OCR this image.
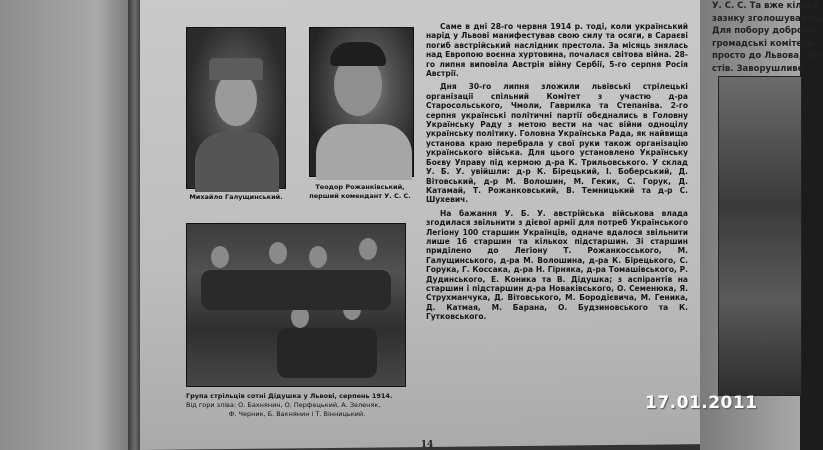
Михайло Галущинський.
Теодор Рожанківський,
перший комендант У. С. С.
Група стрільців сотні Дідушка у Львові, серпень 1914.
Від гори зліва: О. Бахнянин, О. Перфецький, А. Зеленяк,
Ф. Черник, Б. Вакнянин і Т. Вінницький.

Саме в дні 28-го червня 1914 р. тоді, коли український нарід у Львові манифестував свою силу та осяги, в Сараєві погиб австрійський наслідник престола. За місяць знялась над Европою воєнна хуртовина, почалася світова війна. 28-го липня виповіла Австрія війну Сербії, 5-го серпня Росія Австрії.

Дня 30-го липня зложили львівські стрілецькі організації спільний Комітет з участю д-ра Старосольського, Чмоли, Гаврилка та Степаніва. 2-го серпня українські політичні партії обєднались в Головну Українську Раду з метою вести на час війни одноцілу українську політику. Головна Українська Рада, як найвища установа краю перебрала у свої руки також організацію українського війська. Для цього установлено Українську Боєву Управу під кермою д-ра К. Трильовського. У склад У. Б. У. увійшли: д-р К. Бірецький, І. Боберський, Д. Вітовський, д-р М. Волошин, М. Гекик, С. Горук, Д. Катамай, Т. Рожанковський, В. Темницький та д-р С. Шухевич.

На бажання У. Б. У. австрійська військова влада згодилася звільнити з дієвої армії для потреб Українського Легіону 100 старшин Українців, одначе вдалося звільнити лише 16 старшин та кількох підстаршин. Зі старшин приділено до Легіону Т. Рожанкосського, М. Галущинського, д-ра М. Волошина, д-ра К. Бірецького, С. Горука, Г. Коссака, д-ра Н. Гірняка, д-ра Томашівського, Р. Дудинського, Е. Коника та В. Дідушка; з аспірантів на старшин і підстаршин д-ра Новаківського, О. Семенюка, Я. Струхманчука, Д. Вітовського, М. Бородієвича, М. Геника, Д. Катмая, М. Барана, О. Будзиновського та К. Гутковського.

14
У. С. С. Та вже кілька
зазнку зголошувались
Для побору доброво
громадські комітети.
просто до Львова, або
стів. Заворушливе
17.01.2011
